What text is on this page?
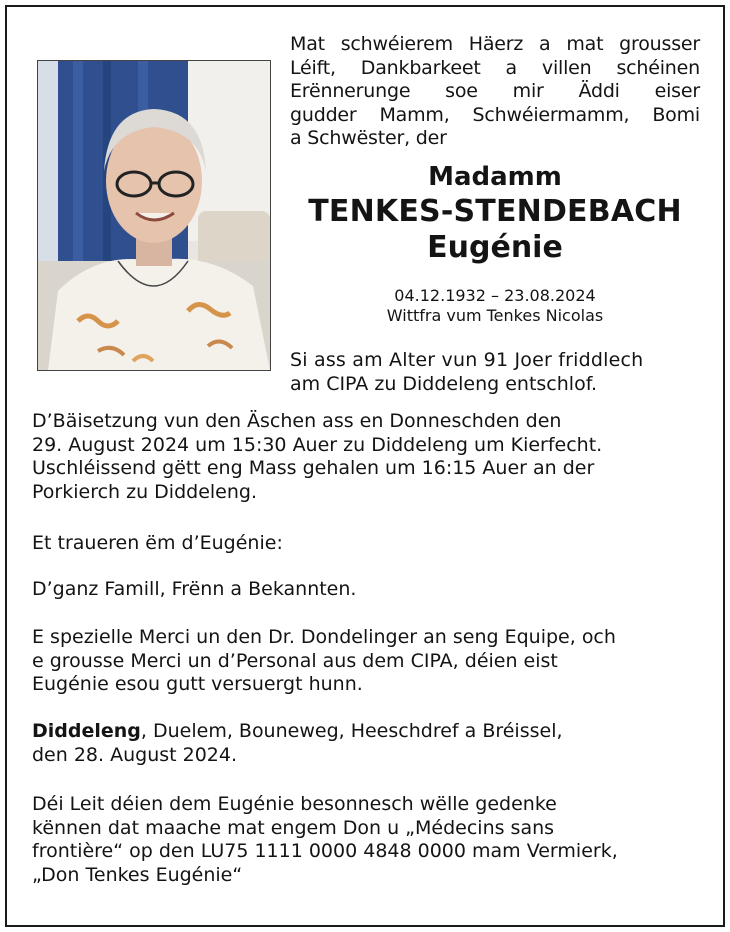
Mat schwéierem Häerz a mat grousser
Léift, Dankbarkeet a villen schéinen
Erënnerunge soe mir Äddi eiser
gudder Mamm, Schwéiermamm, Bomi
a Schwëster, der

Madamm
TENKES-STENDEBACH
Eugénie
04.12.1932 – 23.08.2024
Wittfra vum Tenkes Nicolas

Si ass am Alter vun 91 Joer friddlech
am CIPA zu Diddeleng entschlof.

D’Bäisetzung vun den Äschen ass en Donneschden den
29. August 2024 um 15:30 Auer zu Diddeleng um Kierfecht.
Uschléissend gëtt eng Mass gehalen um 16:15 Auer an der
Porkierch zu Diddeleng.

Et traueren ëm d’Eugénie:

D’ganz Famill, Frënn a Bekannten.

E spezielle Merci un den Dr. Dondelinger an seng Equipe, och
e grousse Merci un d’Personal aus dem CIPA, déien eist
Eugénie esou gutt versuergt hunn.

Diddeleng, Duelem, Bouneweg, Heeschdref a Bréissel,
den 28. August 2024.

Déi Leit déien dem Eugénie besonnesch wëlle gedenke
kënnen dat maache mat engem Don u „Médecins sans
frontière“ op den LU75 1111 0000 4848 0000 mam Vermierk,
„Don Tenkes Eugénie“
